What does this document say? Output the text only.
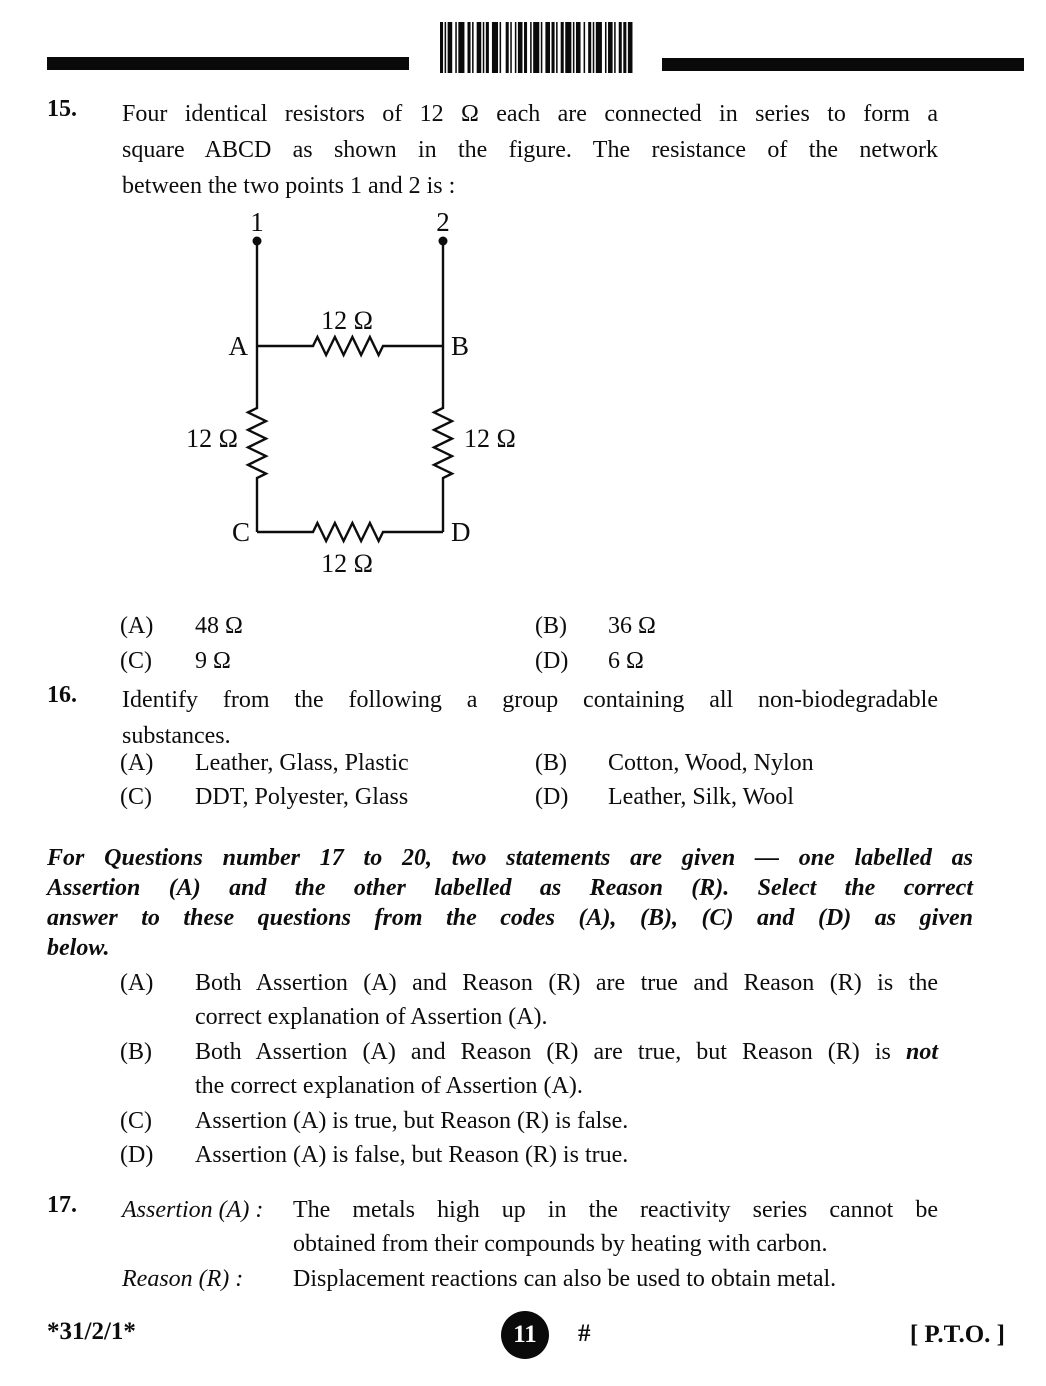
15. Four identical resistors of 12 Ω each are connected in series to form a
square ABCD as shown in the figure. The resistance of the network
between the two points 1 and 2 is :
1	2
A	B
C	D
12 Ω
12 Ω	12 Ω
12 Ω
(A) 48 Ω	(B) 36 Ω
(C) 9 Ω	(D) 6 Ω
16. Identify from the following a group containing all non-biodegradable
substances.
(A) Leather, Glass, Plastic	(B) Cotton, Wood, Nylon
(C) DDT, Polyester, Glass	(D) Leather, Silk, Wool
For Questions number 17 to 20, two statements are given — one labelled as
Assertion (A) and the other labelled as Reason (R). Select the correct
answer to these questions from the codes (A), (B), (C) and (D) as given
below.
(A) Both Assertion (A) and Reason (R) are true and Reason (R) is the
correct explanation of Assertion (A).
(B) Both Assertion (A) and Reason (R) are true, but Reason (R) is not
the correct explanation of Assertion (A).
(C) Assertion (A) is true, but Reason (R) is false.
(D) Assertion (A) is false, but Reason (R) is true.
17. Assertion (A) : The metals high up in the reactivity series cannot be
obtained from their compounds by heating with carbon.
Reason (R) : Displacement reactions can also be used to obtain metal.
*31/2/1*	11 #	[ P.T.O. ]
